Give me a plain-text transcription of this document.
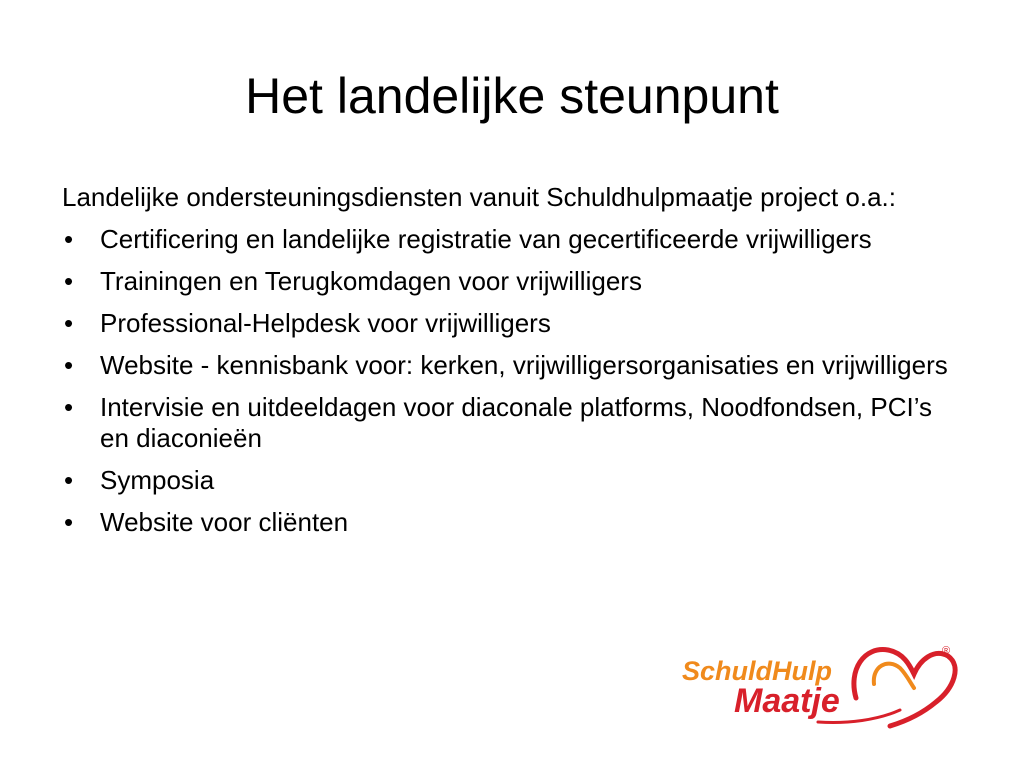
Het landelijke steunpunt

Landelijke ondersteuningsdiensten vanuit Schuldhulpmaatje project o.a.:

•	Certificering en landelijke registratie van gecertificeerde vrijwilligers
•	Trainingen en Terugkomdagen voor vrijwilligers
•	Professional-Helpdesk voor vrijwilligers
•	Website - kennisbank voor: kerken, vrijwilligersorganisaties en vrijwilligers
•	Intervisie en uitdeeldagen voor diaconale platforms, Noodfondsen, PCI’s en diaconieën
•	Symposia
•	Website voor cliënten
SchuldHulp
Maatje
®
